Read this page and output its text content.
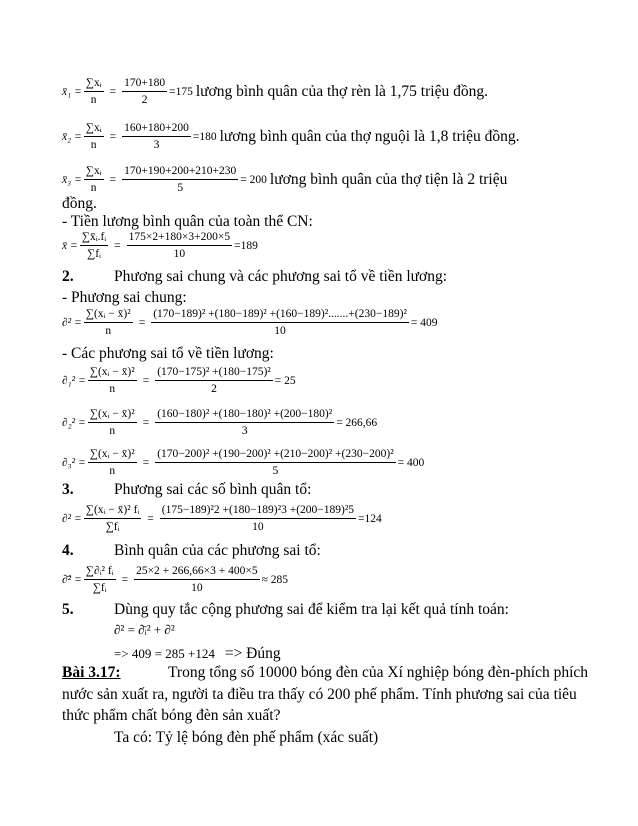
x̄₁ = $\frac{\text{∑xᵢ}}{n} = \frac{170+180}{2} =175$ lương bình quân của thợ rèn là 1,75 triệu đồng.
x̄₂ = $\frac{\text{∑xᵢ}}{n} = \frac{160+180+200}{3} =180$ lương bình quân của thợ nguội là 1,8 triệu đồng.
x̄₃ = $\frac{\text{∑xᵢ}}{n} = \frac{170+190+200+210+230}{5} = 200$ lương bình quân của thợ tiện là 2 triệu
đồng.
- Tiền lương bình quân của toàn thể CN:
x̄ = $\frac{\text{∑x̄ᵢ.fᵢ}}{\text{∑fᵢ}} = \frac{175\times 2+180\times 3+200\times 5}{10} =189$
2.	Phương sai chung và các phương sai tổ về tiền lương:
- Phương sai chung:
$\partial^2 = \frac{\text{∑(xᵢ − x̄)²}}{n} = \frac{\text{(170−189)² +(180−189)² +(160−189)².......+(230−189)²}}{10} = 409$
- Các phương sai tổ về tiền lương:
$\partial_1^2 = \frac{\text{∑(xᵢ − x̄)²}}{n} = \frac{\text{(170−175)² +(180−175)²}}{2} = 25$
$\partial_2^2 = \frac{\text{∑(xᵢ − x̄)²}}{n} = \frac{\text{(160−180)² +(180−180)² +(200−180)²}}{3} = 266,66$
$\partial_3^2 = \frac{\text{∑(xᵢ − x̄)²}}{n} = \frac{\text{(170−200)² +(190−200)² +(210−200)² +(230−200)²}}{5} = 400$
3.	Phương sai các số bình quân tổ:
$\partial^2 = \frac{\text{∑(xᵢ − x̄)² fᵢ}}{\text{∑fᵢ}} = \frac{\text{(175−189)²2 +(180−189)²3 +(200−189)²5}}{10} =124$
4.	Bình quân của các phương sai tổ:
∂̄² = $\frac{\text{∑∂ᵢ² fᵢ}}{\text{∑fᵢ}} = \frac{25\times 2 + 266,66\times 3 + 400\times 5}{10} \approx 285$
5.	Dùng quy tắc cộng phương sai để kiểm tra lại kết quả tính toán:
∂² = ∂̄ᵢ² + ∂²
=> 409 = 285 +124 => Đúng
Bài 3.17:	Trong tổng số 10000 bóng đèn của Xí nghiệp bóng đèn-phích phích
nước sản xuất ra, người ta điều tra thấy có 200 phế phẩm. Tính phương sai của tiêu
thức phẩm chất bóng đèn sản xuất?
Ta có: Tỷ lệ bóng đèn phế phẩm (xác suất)
